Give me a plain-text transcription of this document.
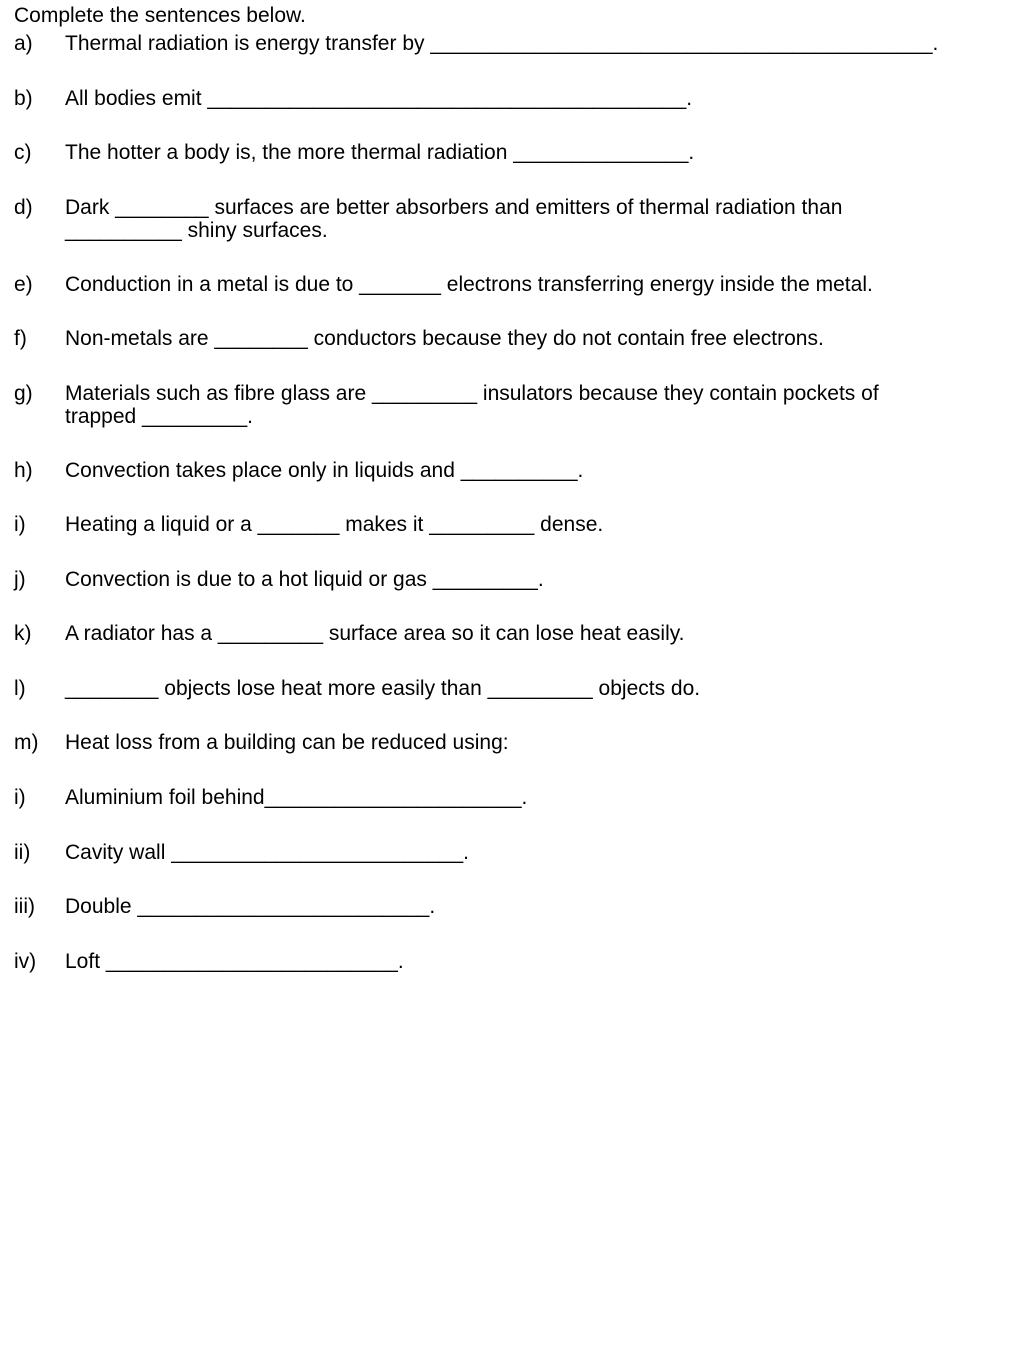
Complete the sentences below.
a) Thermal radiation is energy transfer by ___________________________________________.
b) All bodies emit _________________________________________.
c) The hotter a body is, the more thermal radiation _______________.
d) Dark ________ surfaces are better absorbers and emitters of thermal radiation than
__________ shiny surfaces.
e) Conduction in a metal is due to _______ electrons transferring energy inside the metal.
f) Non-metals are ________ conductors because they do not contain free electrons.
g) Materials such as fibre glass are _________ insulators because they contain pockets of
trapped _________.
h) Convection takes place only in liquids and __________.
i) Heating a liquid or a _______ makes it _________ dense.
j) Convection is due to a hot liquid or gas _________.
k) A radiator has a _________ surface area so it can lose heat easily.
l) ________ objects lose heat more easily than _________ objects do.
m) Heat loss from a building can be reduced using:
i) Aluminium foil behind______________________.
ii) Cavity wall _________________________.
iii) Double _________________________.
iv) Loft _________________________.
